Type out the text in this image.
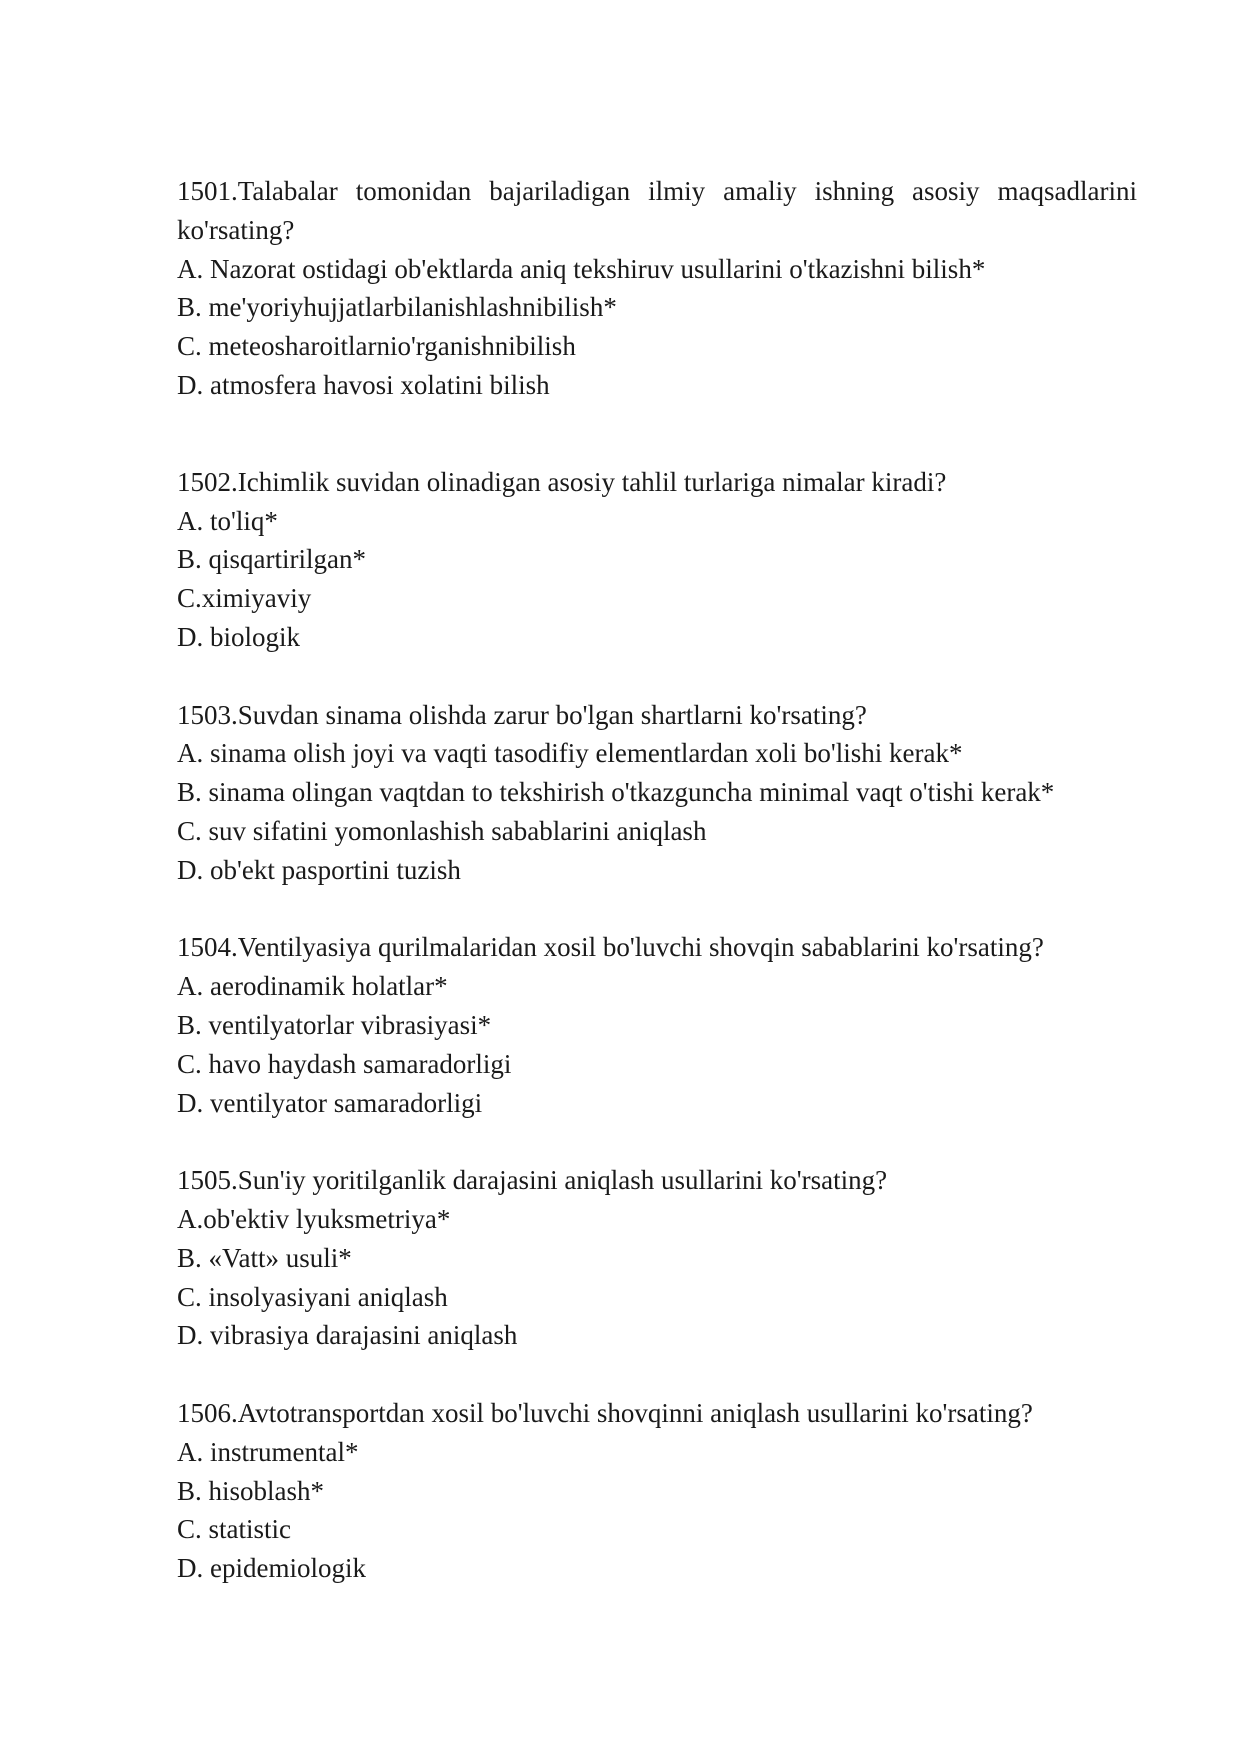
1501.Talabalar tomonidan bajariladigan ilmiy amaliy ishning asosiy maqsadlarini ko'rsating?

A. Nazorat ostidagi ob'ektlarda aniq tekshiruv usullarini o'tkazishni bilish*

B. me'yoriyhujjatlarbilanishlashnibilish*

C. meteosharoitlarnio'rganishnibilish

D. atmosfera havosi xolatini bilish

1502.Ichimlik suvidan olinadigan asosiy tahlil turlariga nimalar kiradi?

A. to'liq*

B. qisqartirilgan*

C.ximiyaviy

D. biologik

1503.Suvdan sinama olishda zarur bo'lgan shartlarni ko'rsating?

A. sinama olish joyi va vaqti tasodifiy elementlardan xoli bo'lishi kerak*

B. sinama olingan vaqtdan to tekshirish o'tkazguncha minimal vaqt o'tishi kerak*

C. suv sifatini yomonlashish sabablarini aniqlash

D. ob'ekt pasportini tuzish

1504.Ventilyasiya qurilmalaridan xosil bo'luvchi shovqin sabablarini ko'rsating?

A. aerodinamik holatlar*

B. ventilyatorlar vibrasiyasi*

C. havo haydash samaradorligi

D. ventilyator samaradorligi

1505.Sun'iy yoritilganlik darajasini aniqlash usullarini ko'rsating?

A.ob'ektiv lyuksmetriya*

B. «Vatt» usuli*

C. insolyasiyani aniqlash

D. vibrasiya darajasini aniqlash

1506.Avtotransportdan xosil bo'luvchi shovqinni aniqlash usullarini ko'rsating?

A. instrumental*

B. hisoblash*

C. statistic

D. epidemiologik
